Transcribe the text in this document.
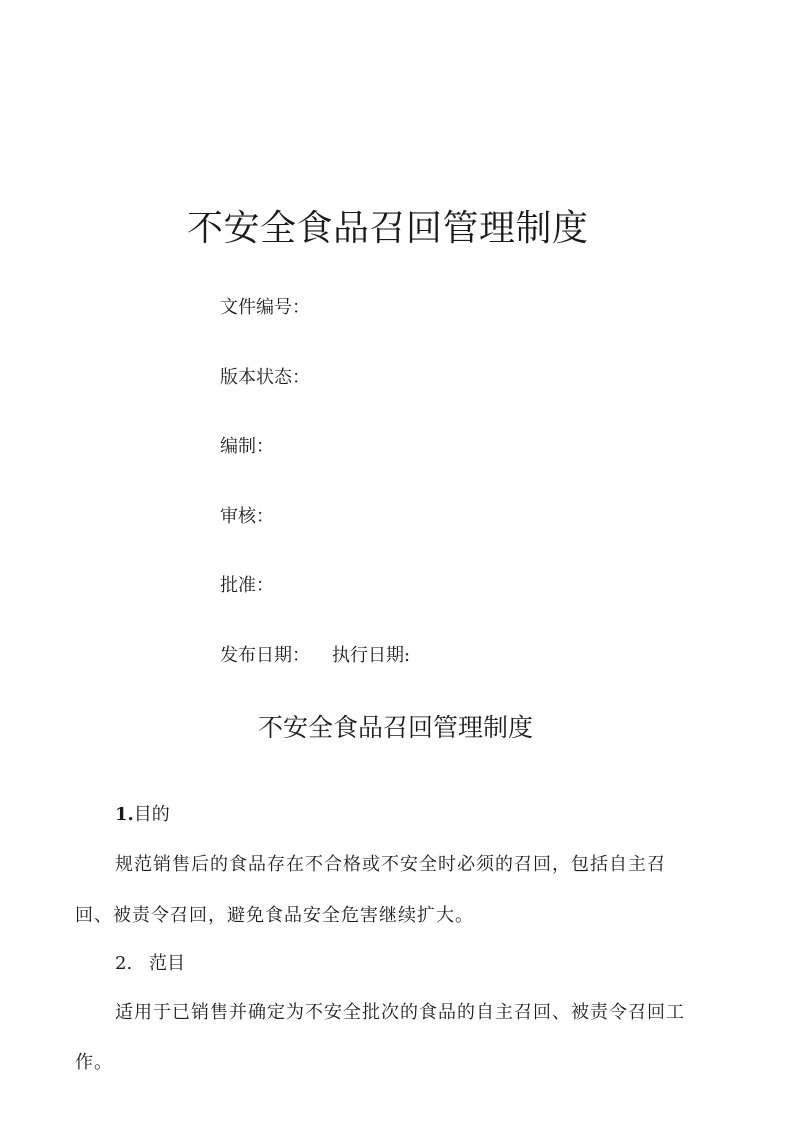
不安全食品召回管理制度
文件编号：
版本状态：
编制：
审核：
批准：
发布日期： 执行日期:
不安全食品召回管理制度
1.目的
规范销售后的食品存在不合格或不安全时必须的召回，包括自主召
回、被责令召回，避免食品安全危害继续扩大。
2. 范目
适用于已销售并确定为不安全批次的食品的自主召回、被责令召回工
作。
